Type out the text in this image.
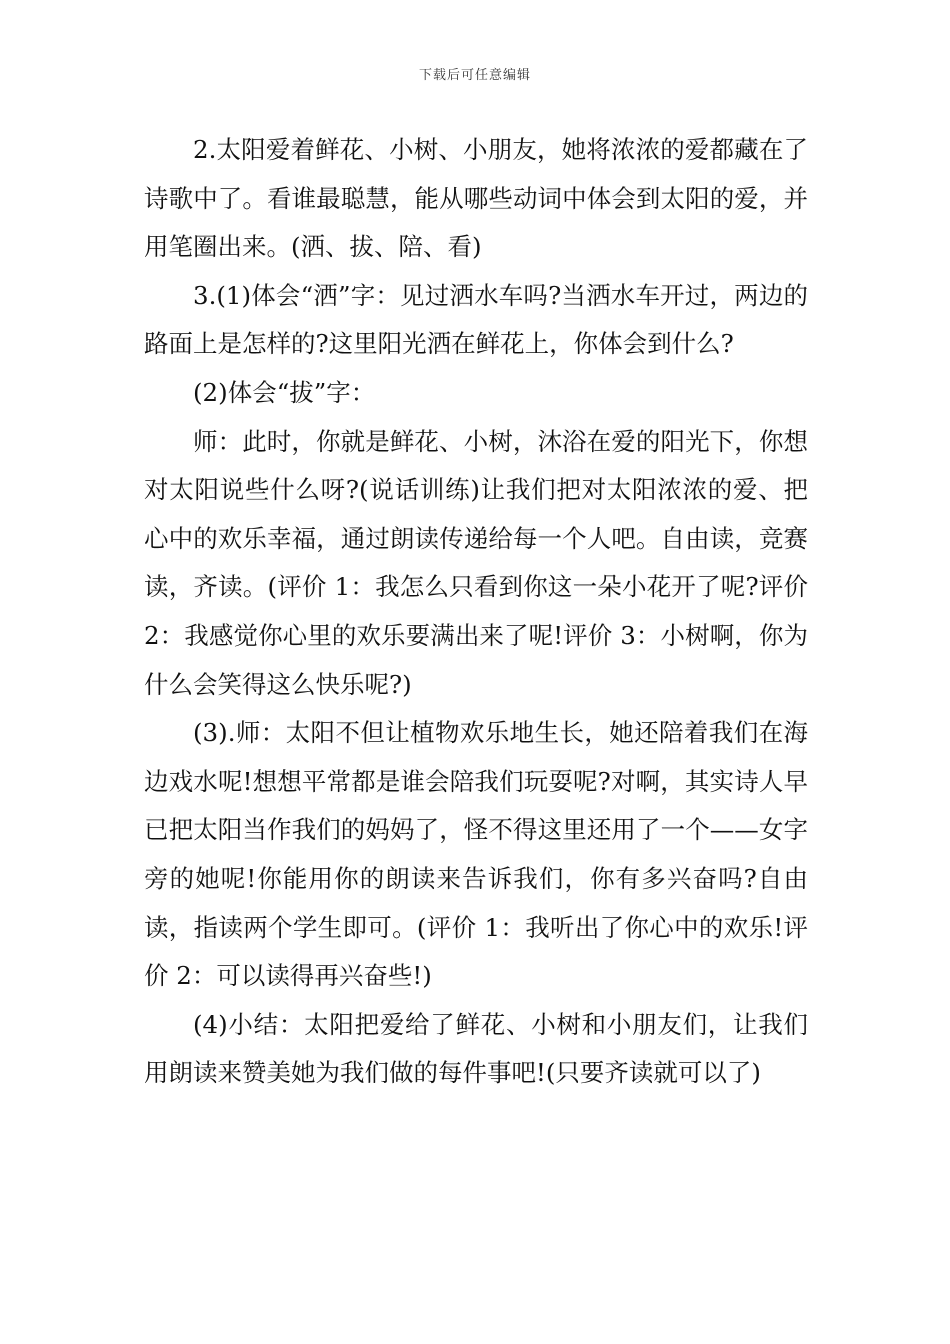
下载后可任意编辑

2.太阳爱着鲜花、小树、小朋友，她将浓浓的爱都藏在了诗歌中了。看谁最聪慧，能从哪些动词中体会到太阳的爱，并用笔圈出来。(洒、拔、陪、看)

3.(1)体会“洒”字：见过洒水车吗?当洒水车开过，两边的路面上是怎样的?这里阳光洒在鲜花上，你体会到什么?

(2)体会“拔”字：

师：此时，你就是鲜花、小树，沐浴在爱的阳光下，你想对太阳说些什么呀?(说话训练)让我们把对太阳浓浓的爱、把心中的欢乐幸福，通过朗读传递给每一个人吧。自由读，竞赛读，齐读。(评价 1：我怎么只看到你这一朵小花开了呢?评价 2：我感觉你心里的欢乐要满出来了呢!评价 3：小树啊，你为什么会笑得这么快乐呢?)

(3).师：太阳不但让植物欢乐地生长，她还陪着我们在海边戏水呢!想想平常都是谁会陪我们玩耍呢?对啊，其实诗人早已把太阳当作我们的妈妈了，怪不得这里还用了一个——女字旁的她呢!你能用你的朗读来告诉我们，你有多兴奋吗?自由读，指读两个学生即可。(评价 1：我听出了你心中的欢乐!评价 2：可以读得再兴奋些!)

(4)小结：太阳把爱给了鲜花、小树和小朋友们，让我们用朗读来赞美她为我们做的每件事吧!(只要齐读就可以了)
